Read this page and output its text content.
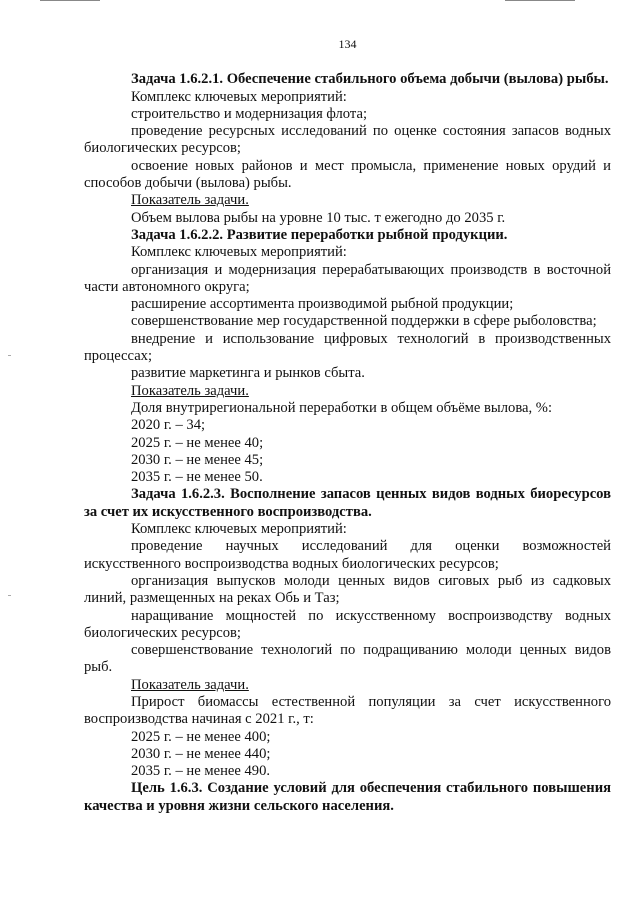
134

Задача 1.6.2.1. Обеспечение стабильного объема добычи (вылова) рыбы.

Комплекс ключевых мероприятий:

строительство и модернизация флота;

проведение ресурсных исследований по оценке состояния запасов водных биологических ресурсов;

освоение новых районов и мест промысла, применение новых орудий и способов добычи (вылова) рыбы.

Показатель задачи.

Объем вылова рыбы на уровне 10 тыс. т ежегодно до 2035 г.

Задача 1.6.2.2. Развитие переработки рыбной продукции.

Комплекс ключевых мероприятий:

организация и модернизация перерабатывающих производств в восточной части автономного округа;

расширение ассортимента производимой рыбной продукции;

совершенствование мер государственной поддержки в сфере рыболовства;

внедрение и использование цифровых технологий в производственных процессах;

развитие маркетинга и рынков сбыта.

Показатель задачи.

Доля внутрирегиональной переработки в общем объёме вылова, %:

2020 г. – 34;

2025 г. – не менее 40;

2030 г. – не менее 45;

2035 г. – не менее 50.

Задача 1.6.2.3. Восполнение запасов ценных видов водных биоресурсов за счет их искусственного воспроизводства.

Комплекс ключевых мероприятий:

проведение научных исследований для оценки возможностей искусственного воспроизводства водных биологических ресурсов;

организация выпусков молоди ценных видов сиговых рыб из садковых линий, размещенных на реках Обь и Таз;

наращивание мощностей по искусственному воспроизводству водных биологических ресурсов;

совершенствование технологий по подращиванию молоди ценных видов рыб.

Показатель задачи.

Прирост биомассы естественной популяции за счет искусственного воспроизводства начиная с 2021 г., т:

2025 г. – не менее 400;

2030 г. – не менее 440;

2035 г. – не менее 490.

Цель 1.6.3. Создание условий для обеспечения стабильного повышения качества и уровня жизни сельского населения.
